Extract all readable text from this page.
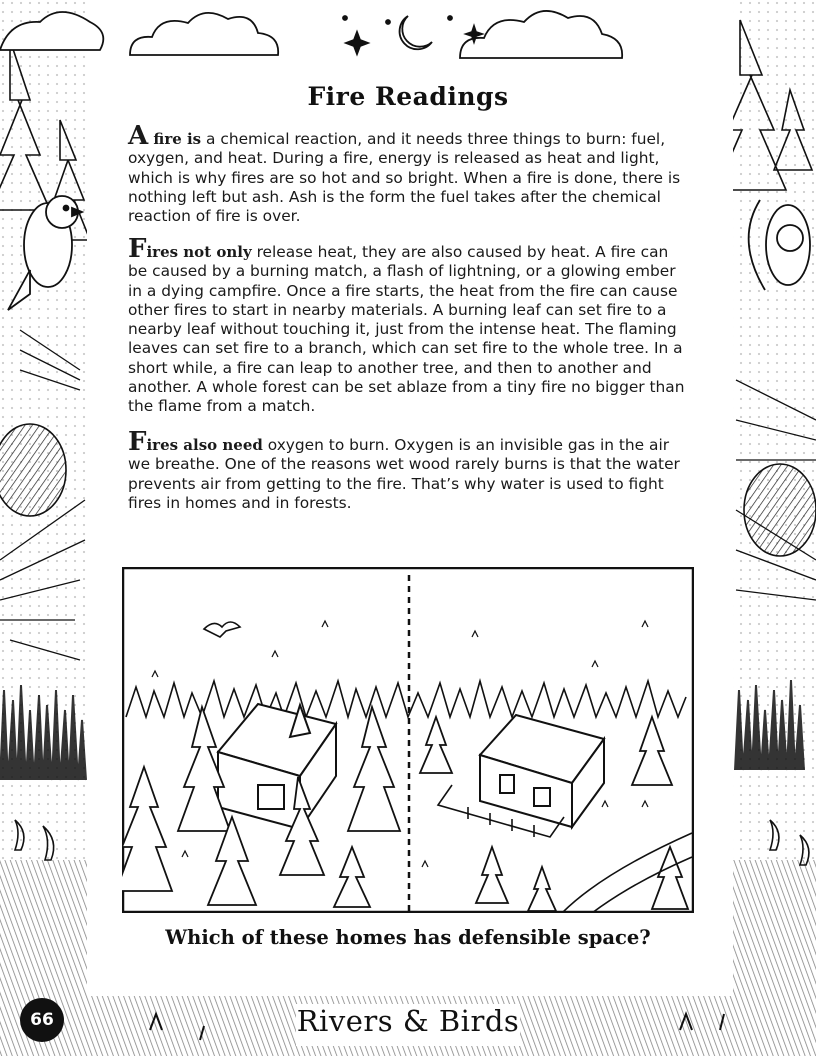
Fire Readings

A fire is a chemical reaction, and it needs three things to burn: fuel, oxygen, and heat. During a fire, energy is released as heat and light, which is why fires are so hot and so bright. When a fire is done, there is nothing left but ash. Ash is the form the fuel takes after the chemical reaction of fire is over.

Fires not only release heat, they are also caused by heat. A fire can be caused by a burning match, a flash of lightning, or a glowing ember in a dying campfire. Once a fire starts, the heat from the fire can cause other fires to start in nearby materials. A burning leaf can set fire to a nearby leaf without touching it, just from the intense heat. The flaming leaves can set fire to a branch, which can set fire to the whole tree. In a short while, a fire can leap to another tree, and then to another and another. A whole forest can be set ablaze from a tiny fire no bigger than the flame from a match.

Fires also need oxygen to burn. Oxygen is an invisible gas in the air we breathe. One of the reasons wet wood rarely burns is that the water prevents air from getting to the fire. That’s why water is used to fight fires in homes and in forests.

Which of these homes has defensible space?
66	Rivers & Birds
